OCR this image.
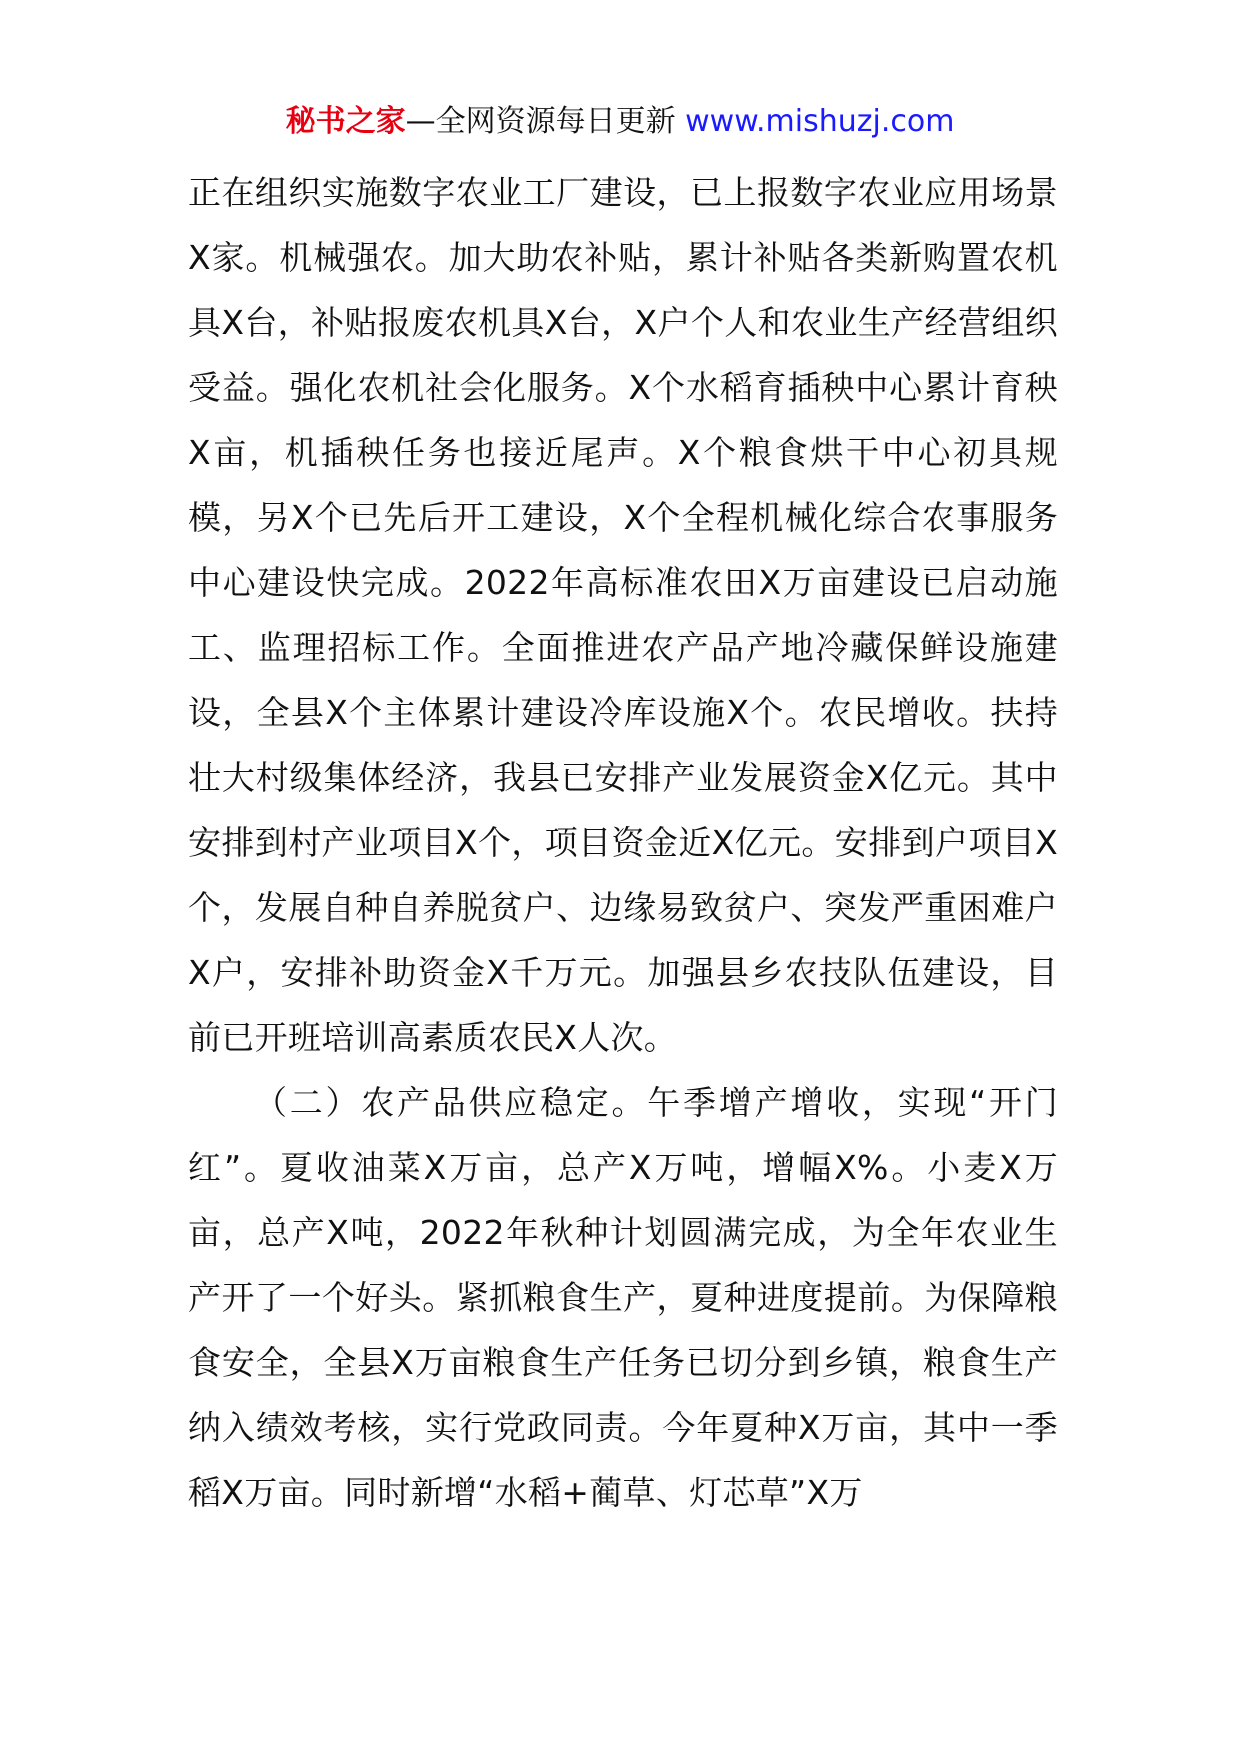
秘书之家—全网资源每日更新 www.mishuzj.com

正在组织实施数字农业工厂建设，已上报数字农业应用场景X家。机械强农。加大助农补贴，累计补贴各类新购置农机具X台，补贴报废农机具X台，X户个人和农业生产经营组织受益。强化农机社会化服务。X个水稻育插秧中心累计育秧X亩，机插秧任务也接近尾声。X个粮食烘干中心初具规模，另X个已先后开工建设，X个全程机械化综合农事服务中心建设快完成。2022年高标准农田X万亩建设已启动施工、监理招标工作。全面推进农产品产地冷藏保鲜设施建设，全县X个主体累计建设冷库设施X个。农民增收。扶持壮大村级集体经济，我县已安排产业发展资金X亿元。其中安排到村产业项目X个，项目资金近X亿元。安排到户项目X个，发展自种自养脱贫户、边缘易致贫户、突发严重困难户X户，安排补助资金X千万元。加强县乡农技队伍建设，目前已开班培训高素质农民X人次。

（二）农产品供应稳定。午季增产增收，实现“开门红”。夏收油菜X万亩，总产X万吨，增幅X%。小麦X万亩，总产X吨，2022年秋种计划圆满完成，为全年农业生产开了一个好头。紧抓粮食生产，夏种进度提前。为保障粮食安全，全县X万亩粮食生产任务已切分到乡镇，粮食生产纳入绩效考核，实行党政同责。今年夏种X万亩，其中一季稻X万亩。同时新增“水稻+蔺草、灯芯草”X万
